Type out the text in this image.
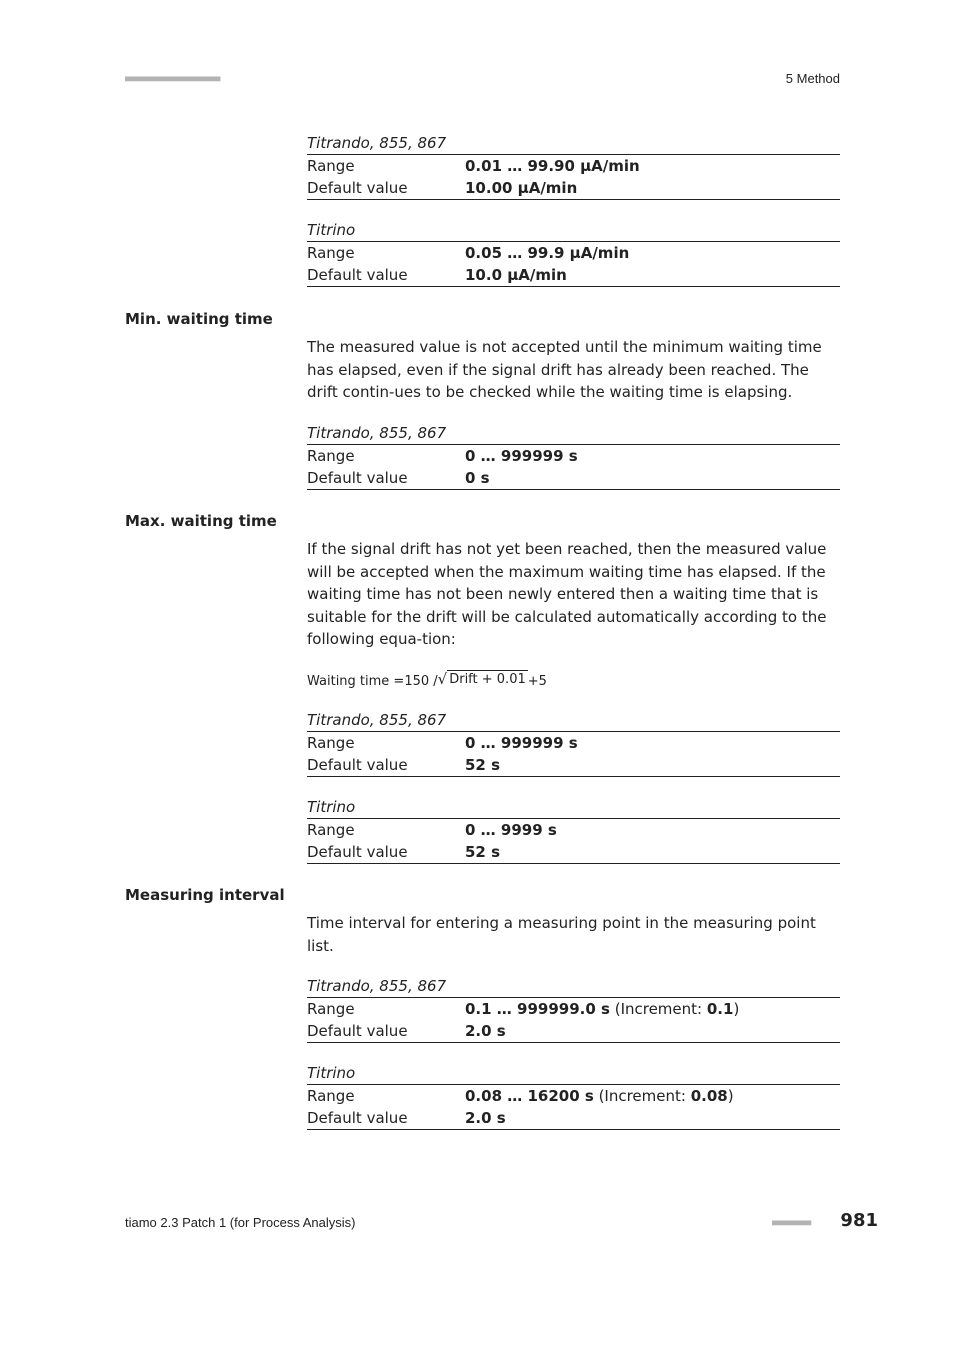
■■■■■■■■■■■■■■■■■■■■■■	5 Method
Titrando, 855, 867
Range	0.01 … 99.90 µA/min
Default value	10.00 µA/min
Titrino
Range	0.05 … 99.9 µA/min
Default value	10.0 µA/min
Min. waiting time

The measured value is not accepted until the minimum waiting time has elapsed, even if the signal drift has already been reached. The drift contin-ues to be checked while the waiting time is elapsing.

Titrando, 855, 867
Range	0 … 999999 s
Default value	0 s
Max. waiting time

If the signal drift has not yet been reached, then the measured value will be accepted when the maximum waiting time has elapsed. If the waiting time has not been newly entered then a waiting time that is suitable for the drift will be calculated automatically according to the following equa-tion:

Waiting time =150 / √ Drift + 0.01 +5
Titrando, 855, 867
Range	0 … 999999 s
Default value	52 s
Titrino
Range	0 … 9999 s
Default value	52 s
Measuring interval

Time interval for entering a measuring point in the measuring point list.

Titrando, 855, 867
Range	0.1 … 999999.0 s (Increment: 0.1)
Default value	2.0 s
Titrino
Range	0.08 … 16200 s (Increment: 0.08)
Default value	2.0 s
tiamo 2.3 Patch 1 (for Process Analysis)	■■■■■■■■■ 981
